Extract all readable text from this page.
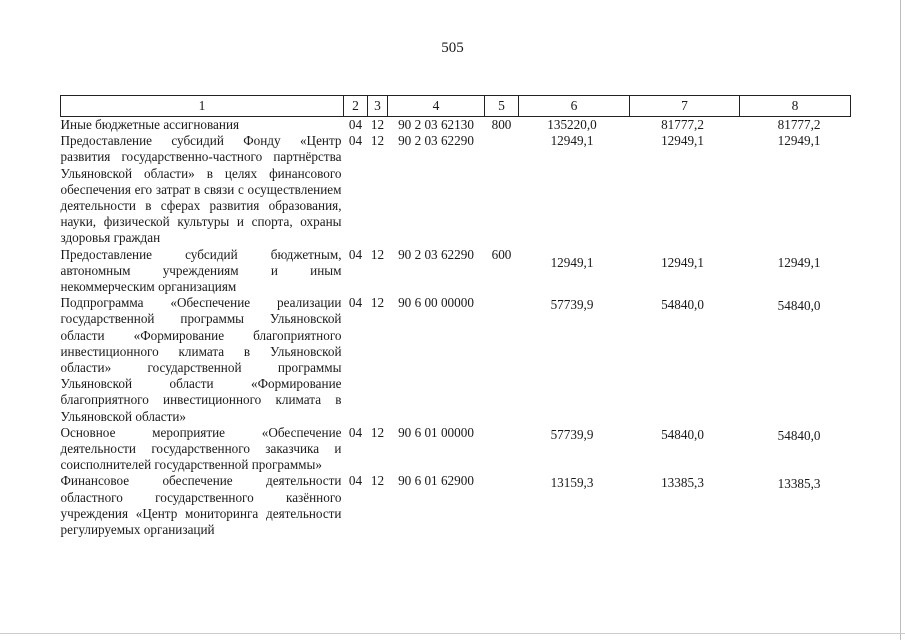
505
1	2	3	4	5	6	7	8
Иные бюджетные ассигнования	04	12	90 2 03 62130	800	135220,0	81777,2	81777,2
Предоставление субсидий Фонду «Центр развития государственно-частного партнёрства Ульяновской области» в целях финансового обеспечения его затрат в связи с осуществлением деятельности в сферах развития образования, науки, физической культуры и спорта, охраны здоровья граждан	04	12	90 2 03 62290		12949,1	12949,1	12949,1
Предоставление субсидий бюджетным, автономным учреждениям и иным некоммерческим организациям	04	12	90 2 03 62290	600	12949,1	12949,1	12949,1
Подпрограмма «Обеспечение реализации государственной программы Ульяновской области «Формирование благоприятного инвестиционного климата в Ульяновской области» государственной программы Ульяновской области «Формирование благоприятного инвестиционного климата в Ульяновской области»	04	12	90 6 00 00000		57739,9	54840,0	54840,0
Основное мероприятие «Обеспечение деятельности государственного заказчика и соисполнителей государственной программы»	04	12	90 6 01 00000		57739,9	54840,0	54840,0
Финансовое обеспечение деятельности областного государственного казённого учреждения «Центр мониторинга деятельности регулируемых организаций	04	12	90 6 01 62900		13159,3	13385,3	13385,3
